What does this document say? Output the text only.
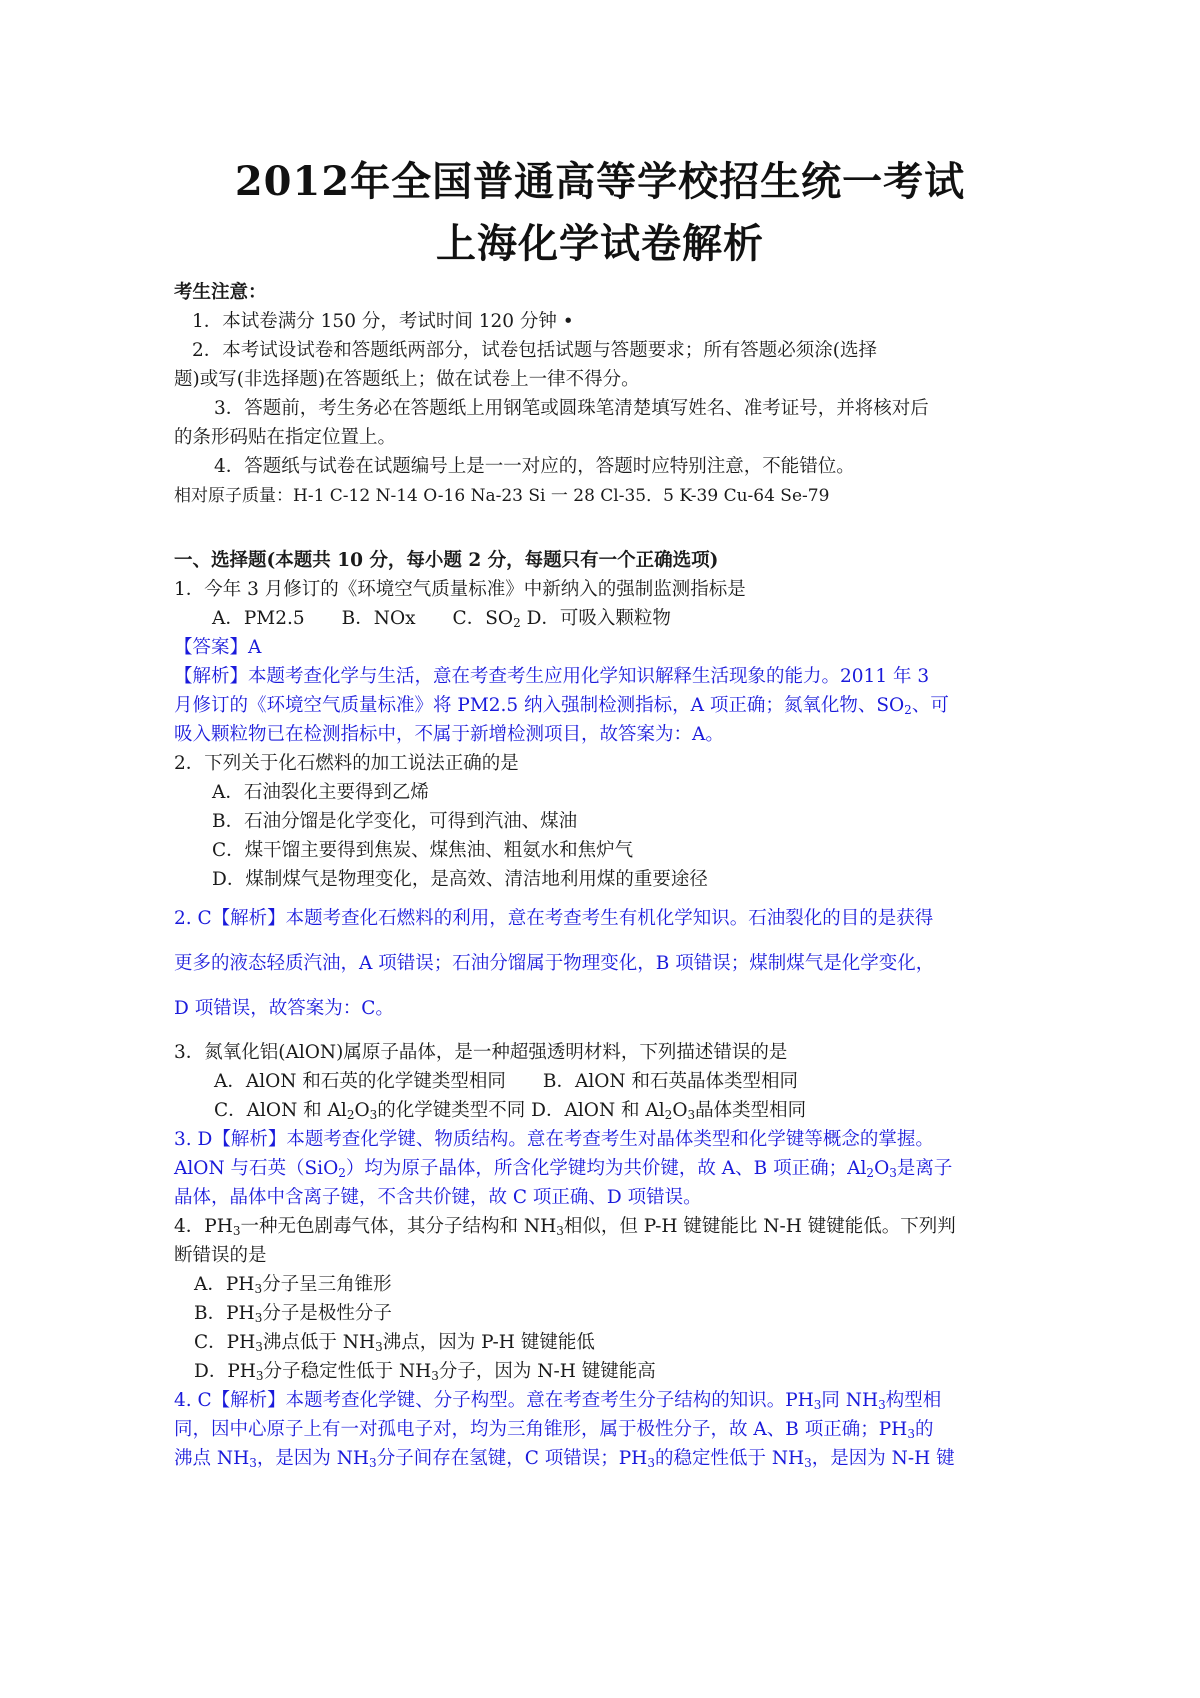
2012年全国普通高等学校招生统一考试
上海化学试卷解析
考生注意：
1．本试卷满分 150 分，考试时间 120 分钟 •
2．本考试设试卷和答题纸两部分，试卷包括试题与答题要求；所有答题必须涂(选择
题)或写(非选择题)在答题纸上；做在试卷上一律不得分。
3．答题前，考生务必在答题纸上用钢笔或圆珠笔清楚填写姓名、准考证号，并将核对后
的条形码贴在指定位置上。
4．答题纸与试卷在试题编号上是一一对应的，答题时应特别注意，不能错位。
相对原子质量：H-1 C-12 N-14 O-16 Na-23 Si 一 28 Cl-35．5 K-39 Cu-64 Se-79
一、选择题(本题共 10 分，每小题 2 分，每题只有一个正确选项)
1．今年 3 月修订的《环境空气质量标准》中新纳入的强制监测指标是
A．PM2.5　　B．NOx　　C．$SO_2$ D．可吸入颗粒物
【答案】A
【解析】本题考查化学与生活，意在考查考生应用化学知识解释生活现象的能力。2011 年 3
月修订的《环境空气质量标准》将 PM2.5 纳入强制检测指标，A 项正确；氮氧化物、$SO_2$、可
吸入颗粒物已在检测指标中，不属于新增检测项目，故答案为：A。
2．下列关于化石燃料的加工说法正确的是
A．石油裂化主要得到乙烯
B．石油分馏是化学变化，可得到汽油、煤油
C．煤干馏主要得到焦炭、煤焦油、粗氨水和焦炉气
D．煤制煤气是物理变化，是高效、清洁地利用煤的重要途径
2. C【解析】本题考查化石燃料的利用，意在考查考生有机化学知识。石油裂化的目的是获得
更多的液态轻质汽油，A 项错误；石油分馏属于物理变化，B 项错误；煤制煤气是化学变化，
D 项错误，故答案为：C。
3．氮氧化铝(AlON)属原子晶体，是一种超强透明材料，下列描述错误的是
A．AlON 和石英的化学键类型相同　　B．AlON 和石英晶体类型相同
C．AlON 和 $Al_2O_3$的化学键类型不同 D．AlON 和 $Al_2O_3$晶体类型相同
3. D【解析】本题考查化学键、物质结构。意在考查考生对晶体类型和化学键等概念的掌握。
AlON 与石英（SiO$_2$）均为原子晶体，所含化学键均为共价键，故 A、B 项正确；$Al_2O_3$是离子
晶体，晶体中含离子键，不含共价键，故 C 项正确、D 项错误。
4．$PH_3$一种无色剧毒气体，其分子结构和 $NH_3$相似，但 P-H 键键能比 N-H 键键能低。下列判
断错误的是
A．$PH_3$分子呈三角锥形
B．$PH_3$分子是极性分子
C．$PH_3$沸点低于 $NH_3$沸点，因为 P-H 键键能低
D．$PH_3$分子稳定性低于 $NH_3$分子，因为 N-H 键键能高
4. C【解析】本题考查化学键、分子构型。意在考查考生分子结构的知识。$PH_3$同 $NH_3$构型相
同，因中心原子上有一对孤电子对，均为三角锥形，属于极性分子，故 A、B 项正确；$PH_3$的
沸点 $NH_3$，是因为 $NH_3$分子间存在氢键，C 项错误；$PH_3$的稳定性低于 $NH_3$，是因为 N-H 键
